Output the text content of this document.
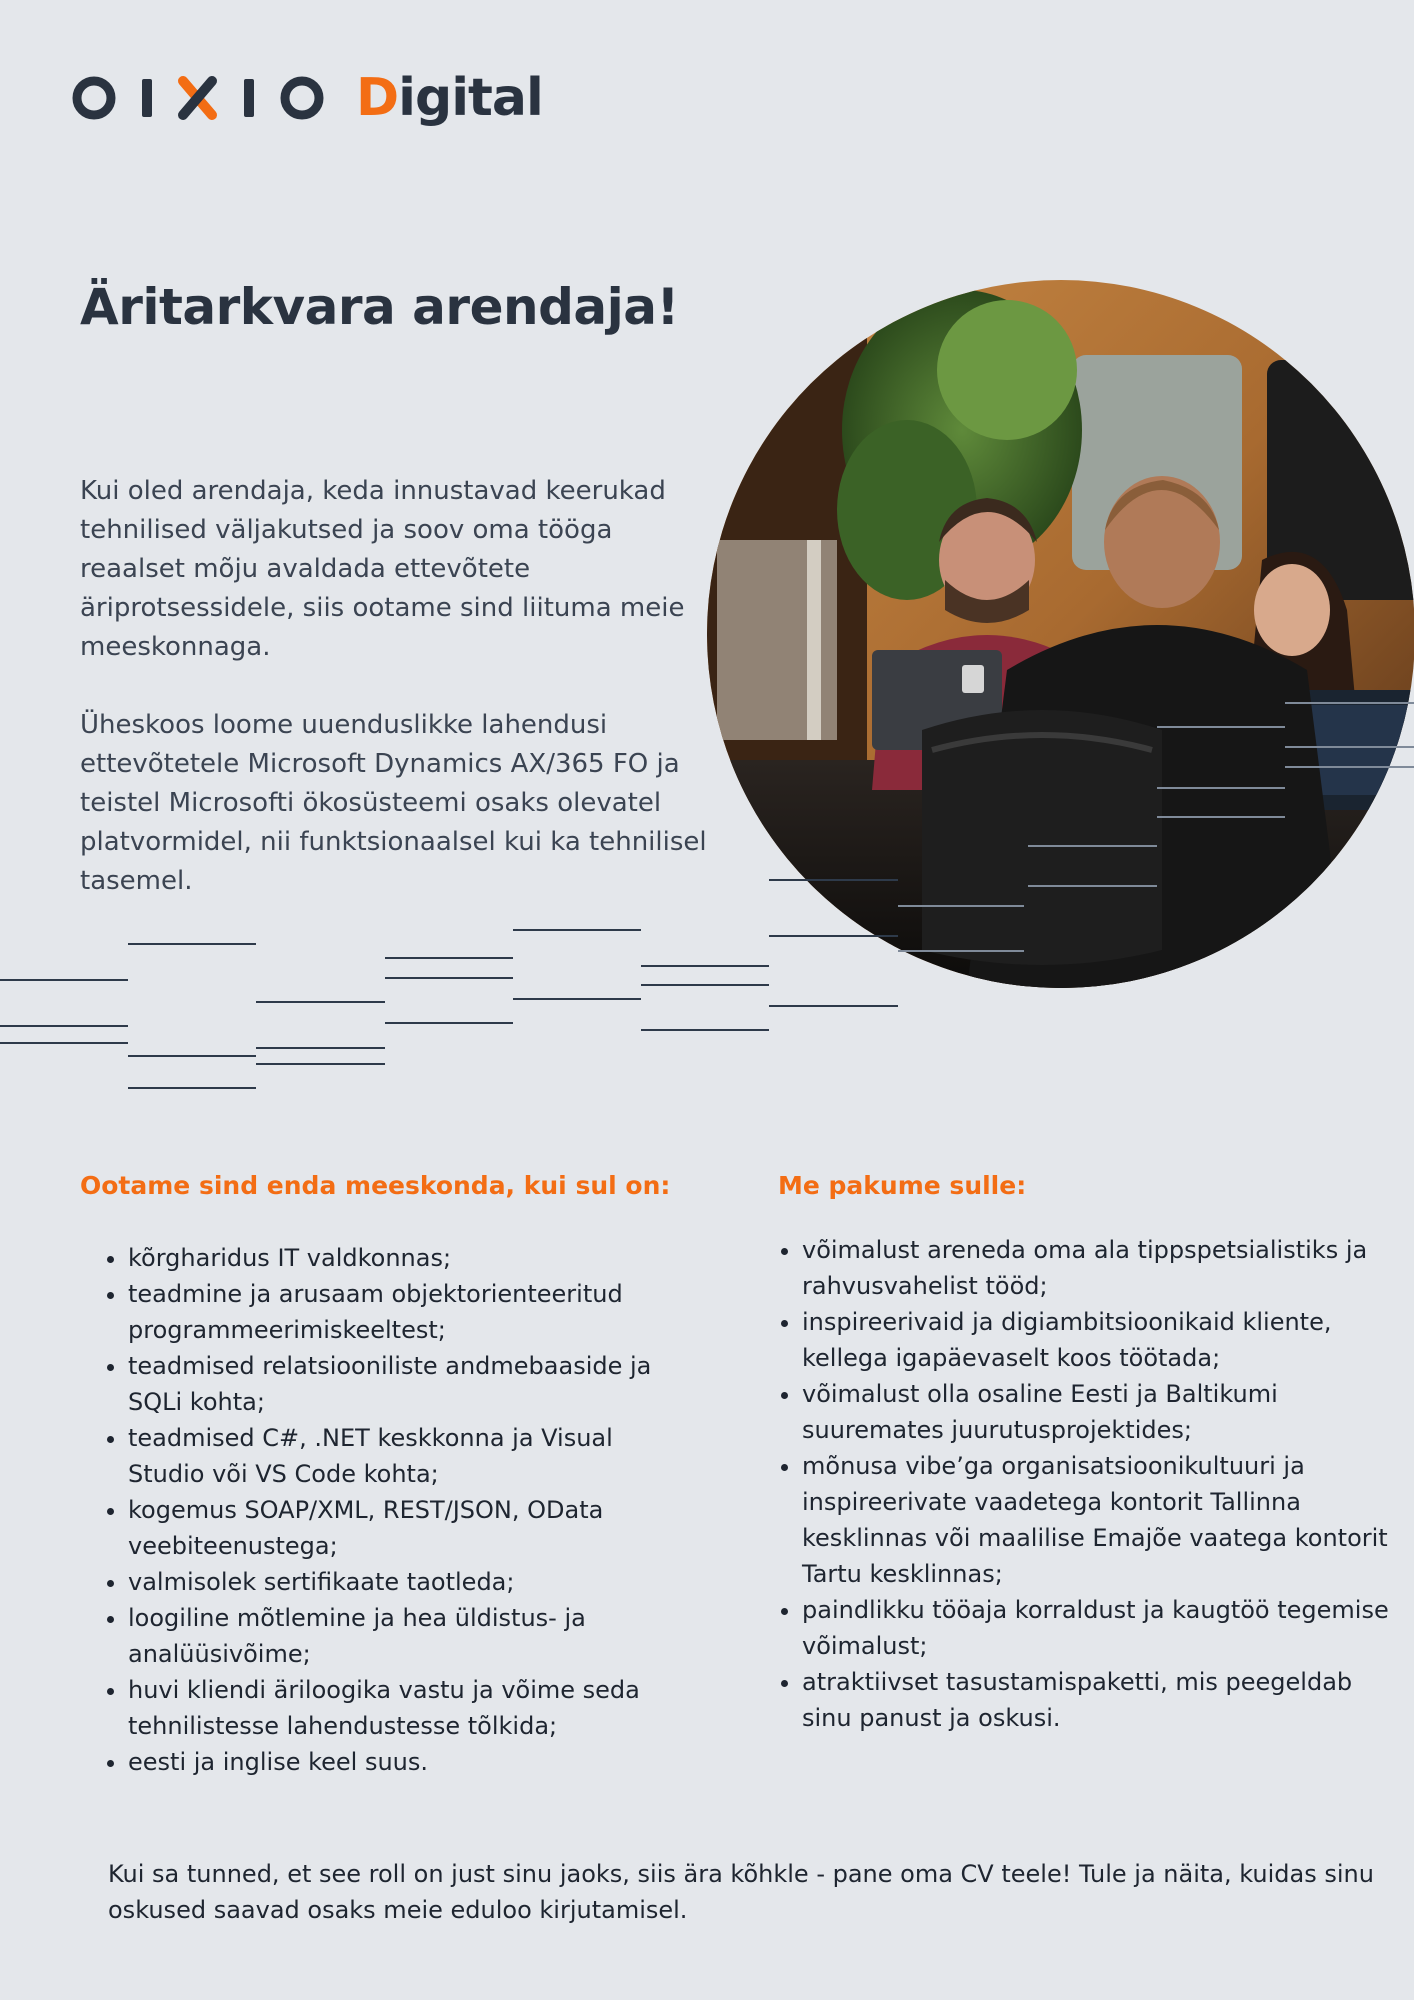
Digital
Äritarkvara arendaja!

Kui oled arendaja, keda innustavad keerukad tehnilised väljakutsed ja soov oma tööga reaalset mõju avaldada ettevõtete äriprotsessidele, siis ootame sind liituma meie meeskonnaga.

Üheskoos loome uuenduslikke lahendusi ettevõtetele Microsoft Dynamics AX/365 FO ja teistel Microsofti ökosüsteemi osaks olevatel platvormidel, nii funktsionaalsel kui ka tehnilisel tasemel.

Ootame sind enda meeskonda, kui sul on:
• kõrgharidus IT valdkonnas;
• teadmine ja arusaam objektorienteeritud programmeerimiskeeltest;
• teadmised relatsiooniliste andmebaaside ja SQLi kohta;
• teadmised C#, .NET keskkonna ja Visual Studio või VS Code kohta;
• kogemus SOAP/XML, REST/JSON, OData veebiteenustega;
• valmisolek sertifikaate taotleda;
• loogiline mõtlemine ja hea üldistus- ja analüüsivõime;
• huvi kliendi äriloogika vastu ja võime seda tehnilistesse lahendustesse tõlkida;
• eesti ja inglise keel suus.
Me pakume sulle:
• võimalust areneda oma ala tippspetsialistiks ja rahvusvahelist tööd;
• inspireerivaid ja digiambitsioonikaid kliente, kellega igapäevaselt koos töötada;
• võimalust olla osaline Eesti ja Baltikumi suuremates juurutusprojektides;
• mõnusa vibe’ga organisatsioonikultuuri ja inspireerivate vaadetega kontorit Tallinna kesklinnas või maalilise Emajõe vaatega kontorit Tartu kesklinnas;
• paindlikku tööaja korraldust ja kaugtöö tegemise võimalust;
• atraktiivset tasustamispaketti, mis peegeldab sinu panust ja oskusi.

Kui sa tunned, et see roll on just sinu jaoks, siis ära kõhkle - pane oma CV teele! Tule ja näita, kuidas sinu oskused saavad osaks meie eduloo kirjutamisel.
